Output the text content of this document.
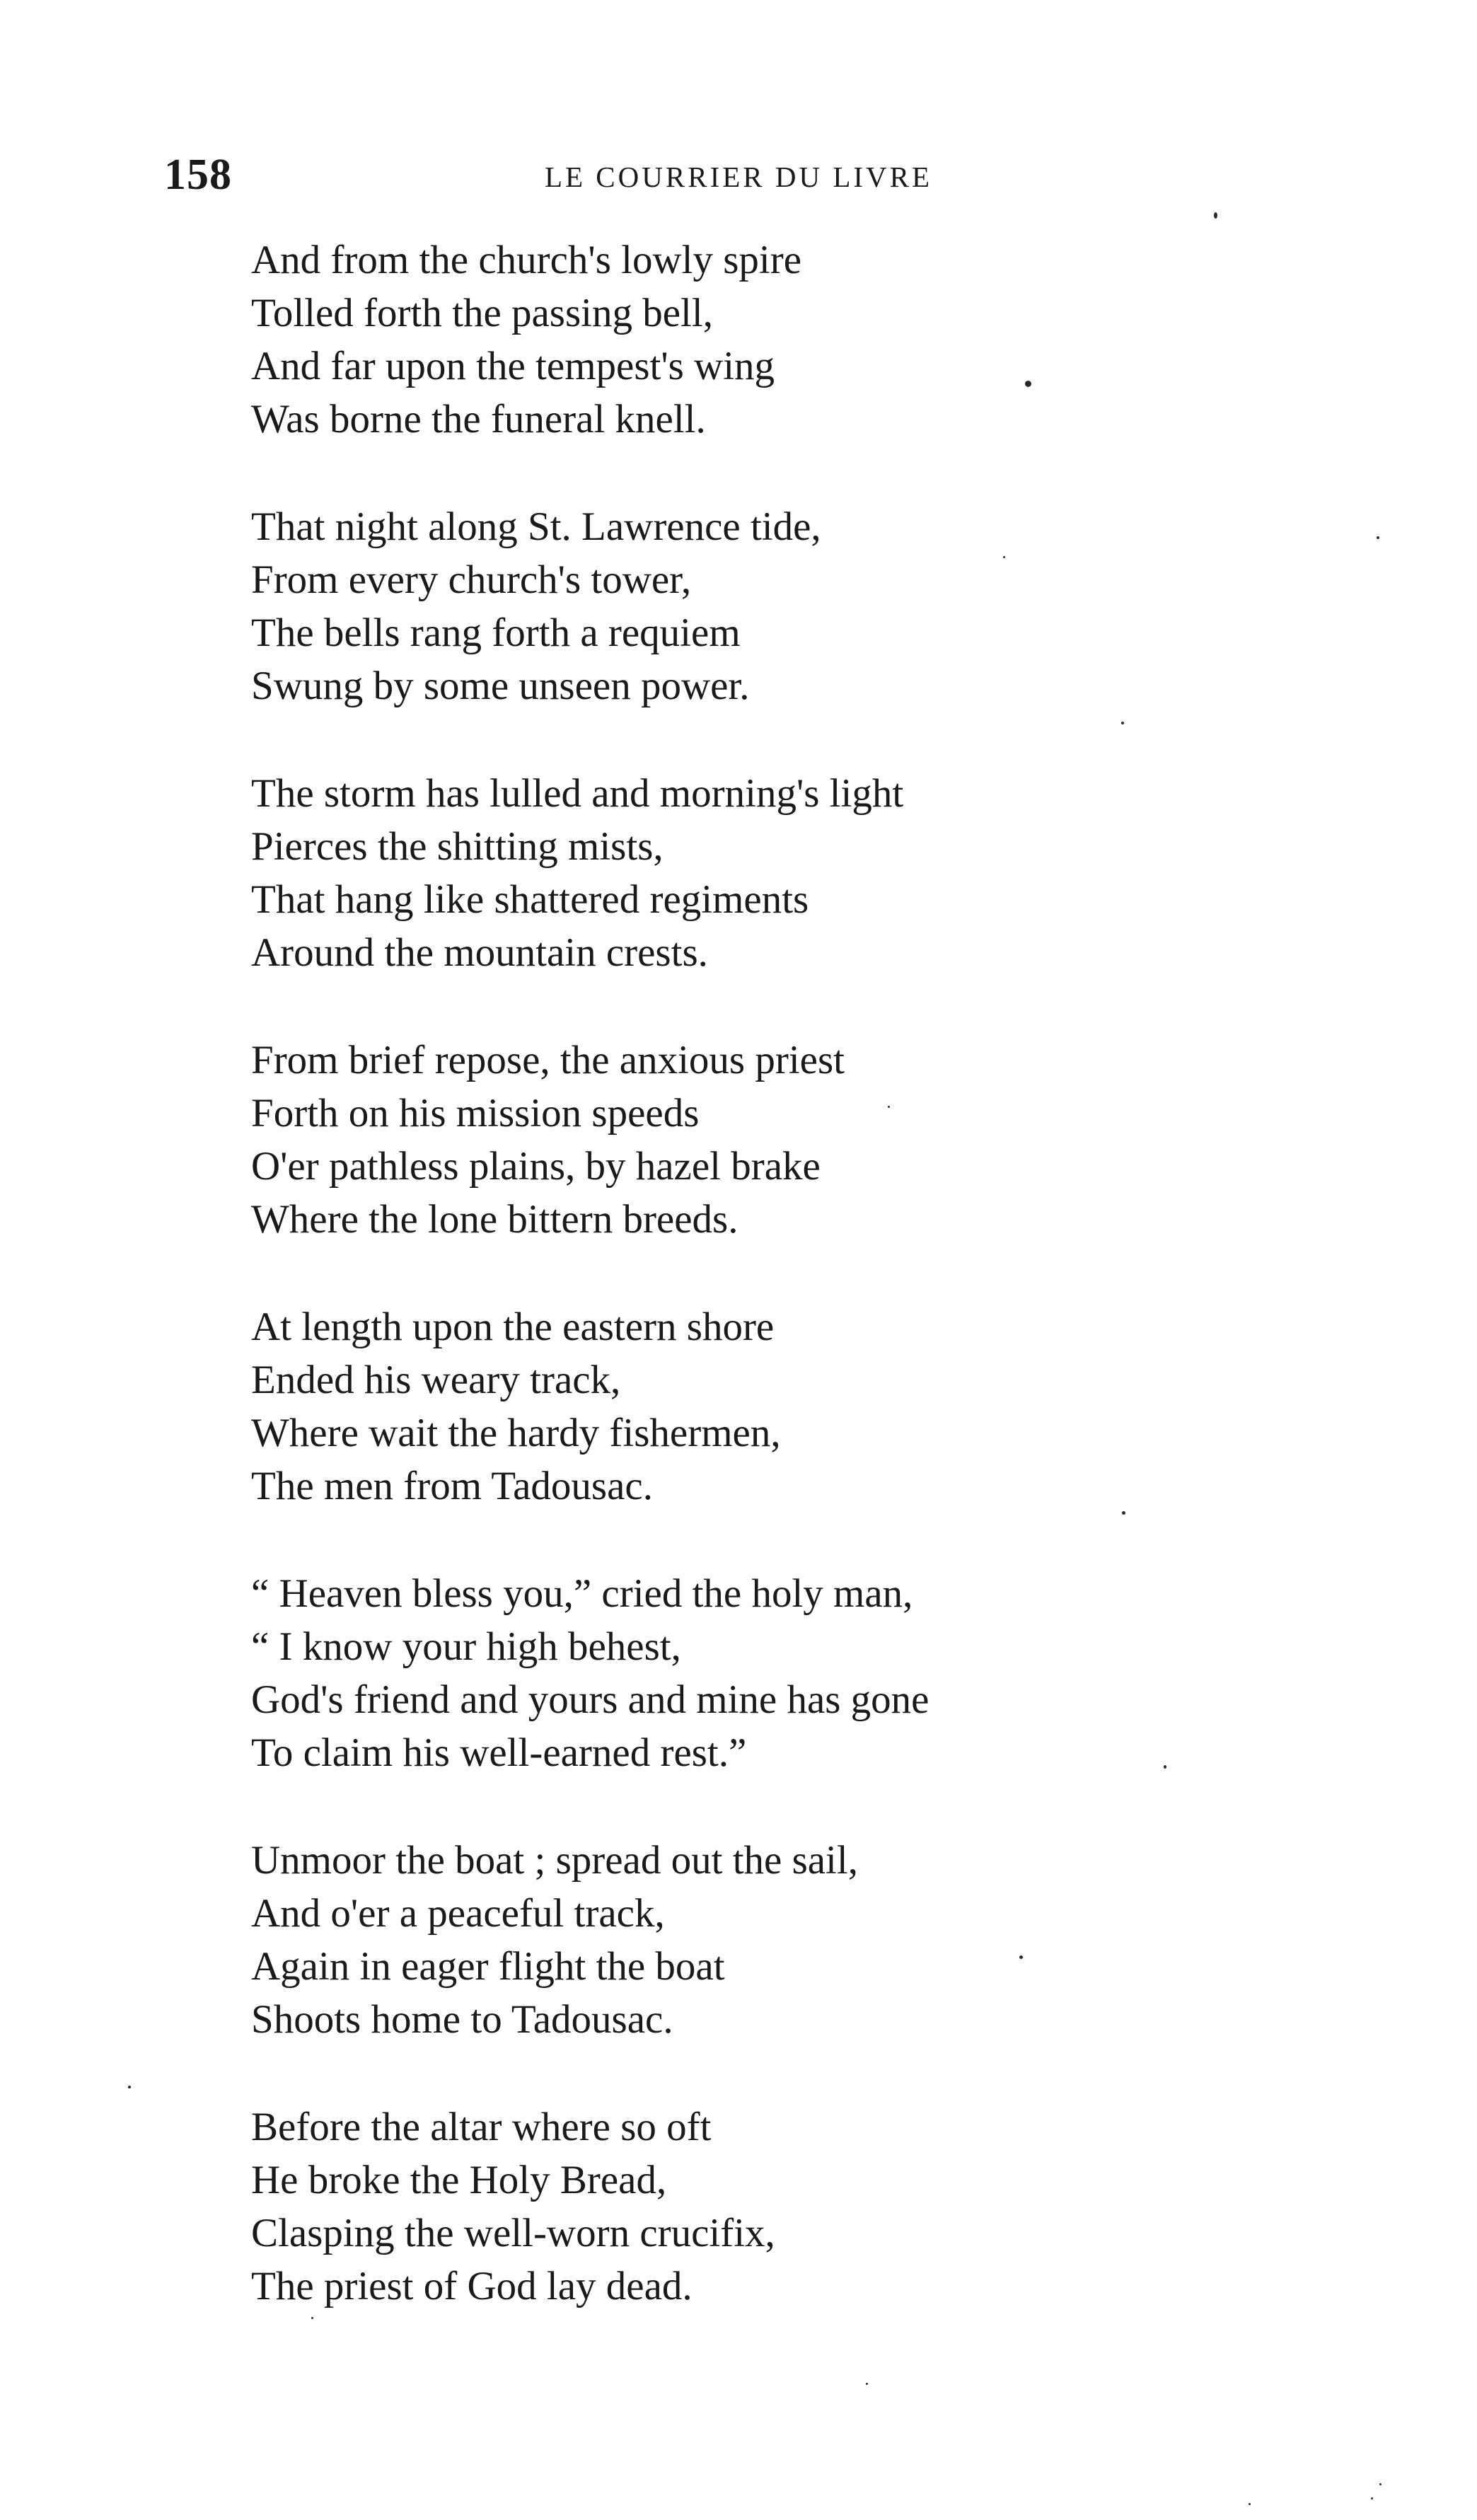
158	LE COURRIER DU LIVRE
And from the church's lowly spire
Tolled forth the passing bell,
And far upon the tempest's wing
Was borne the funeral knell.
That night along St. Lawrence tide,
From every church's tower,
The bells rang forth a requiem
Swung by some unseen power.
The storm has lulled and morning's light
Pierces the shitting mists,
That hang like shattered regiments
Around the mountain crests.
From brief repose, the anxious priest
Forth on his mission speeds
O'er pathless plains, by hazel brake
Where the lone bittern breeds.
At length upon the eastern shore
Ended his weary track,
Where wait the hardy fishermen,
The men from Tadousac.
“ Heaven bless you,” cried the holy man,
“ I know your high behest,
God's friend and yours and mine has gone
To claim his well-earned rest.”
Unmoor the boat ; spread out the sail,
And o'er a peaceful track,
Again in eager flight the boat
Shoots home to Tadousac.
Before the altar where so oft
He broke the Holy Bread,
Clasping the well-worn crucifix,
The priest of God lay dead.
